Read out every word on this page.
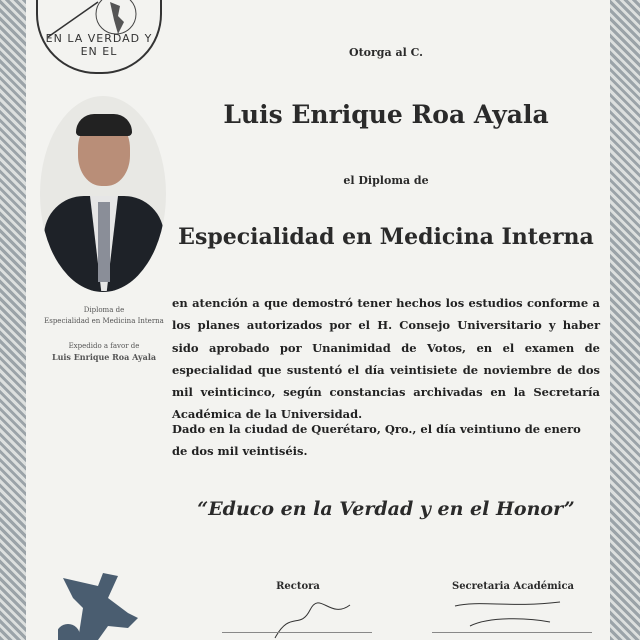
EN LA VERDAD Y EN EL	Otorga al C.
Luis Enrique Roa Ayala
el Diploma de
Especialidad en Medicina Interna
Diploma de
Especialidad en Medicina Interna
Expedido a favor de
Luis Enrique Roa Ayala
en atención a que demostró tener hechos los estudios conforme a los planes autorizados por el H. Consejo Universitario y haber sido aprobado por Unanimidad de Votos, en el examen de especialidad que sustentó el día veintisiete de noviembre de dos mil veinticinco, según constancias archivadas en la Secretaría Académica de la Universidad.
Dado en la ciudad de Querétaro, Qro., el día veintiuno de enero de dos mil veintiséis.
“Educo en la Verdad y en el Honor”
Rectora	Secretaria Académica
